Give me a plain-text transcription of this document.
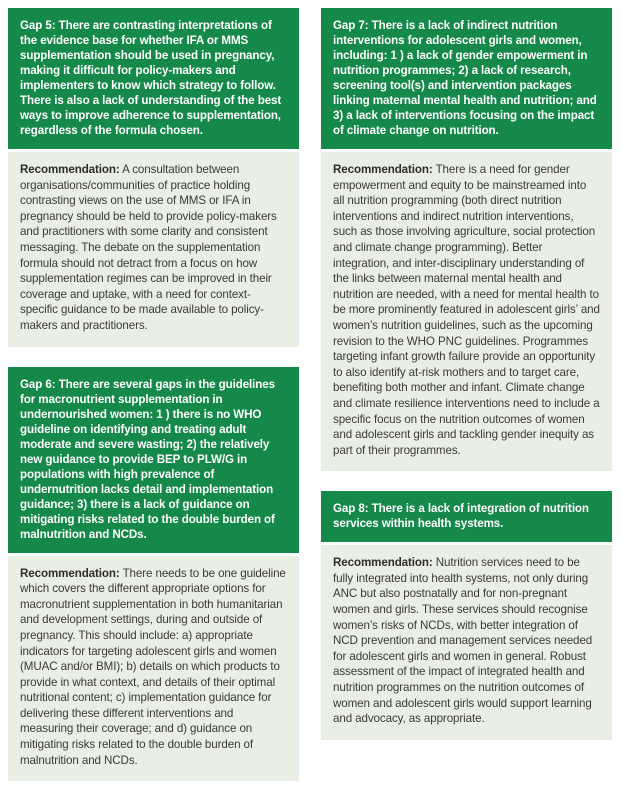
Gap 5: There are contrasting interpretations of the evidence base for whether IFA or MMS supplementation should be used in pregnancy, making it difficult for policy-makers and implementers to know which strategy to follow. There is also a lack of understanding of the best ways to improve adherence to supplementation, regardless of the formula chosen.

Recommendation: A consultation between organisations/communities of practice holding contrasting views on the use of MMS or IFA in pregnancy should be held to provide policy-makers and practitioners with some clarity and consistent messaging. The debate on the supplementation formula should not detract from a focus on how supplementation regimes can be improved in their coverage and uptake, with a need for context-specific guidance to be made available to policy-makers and practitioners.

Gap 6: There are several gaps in the guidelines for macronutrient supplementation in undernourished women: 1 ) there is no WHO guideline on identifying and treating adult moderate and severe wasting; 2) the relatively new guidance to provide BEP to PLW/G in populations with high prevalence of undernutrition lacks detail and implementation guidance; 3) there is a lack of guidance on mitigating risks related to the double burden of malnutrition and NCDs.

Recommendation: There needs to be one guideline which covers the different appropriate options for macronutrient supplementation in both humanitarian and development settings, during and outside of pregnancy. This should include: a) appropriate indicators for targeting adolescent girls and women (MUAC and/or BMI); b) details on which products to provide in what context, and details of their optimal nutritional content; c) implementation guidance for delivering these different interventions and measuring their coverage; and d) guidance on mitigating risks related to the double burden of malnutrition and NCDs.

Gap 7: There is a lack of indirect nutrition interventions for adolescent girls and women, including: 1 ) a lack of gender empowerment in nutrition programmes; 2) a lack of research, screening tool(s) and intervention packages linking maternal mental health and nutrition; and 3) a lack of interventions focusing on the impact of climate change on nutrition.

Recommendation: There is a need for gender empowerment and equity to be mainstreamed into all nutrition programming (both direct nutrition interventions and indirect nutrition interventions, such as those involving agriculture, social protection and climate change programming). Better integration, and inter-disciplinary understanding of the links between maternal mental health and nutrition are needed, with a need for mental health to be more prominently featured in adolescent girls’ and women’s nutrition guidelines, such as the upcoming revision to the WHO PNC guidelines. Programmes targeting infant growth failure provide an opportunity to also identify at-risk mothers and to target care, benefiting both mother and infant. Climate change and climate resilience interventions need to include a specific focus on the nutrition outcomes of women and adolescent girls and tackling gender inequity as part of their programmes.

Gap 8: There is a lack of integration of nutrition services within health systems.

Recommendation: Nutrition services need to be fully integrated into health systems, not only during ANC but also postnatally and for non-pregnant women and girls. These services should recognise women’s risks of NCDs, with better integration of NCD prevention and management services needed for adolescent girls and women in general. Robust assessment of the impact of integrated health and nutrition programmes on the nutrition outcomes of women and adolescent girls would support learning and advocacy, as appropriate.
